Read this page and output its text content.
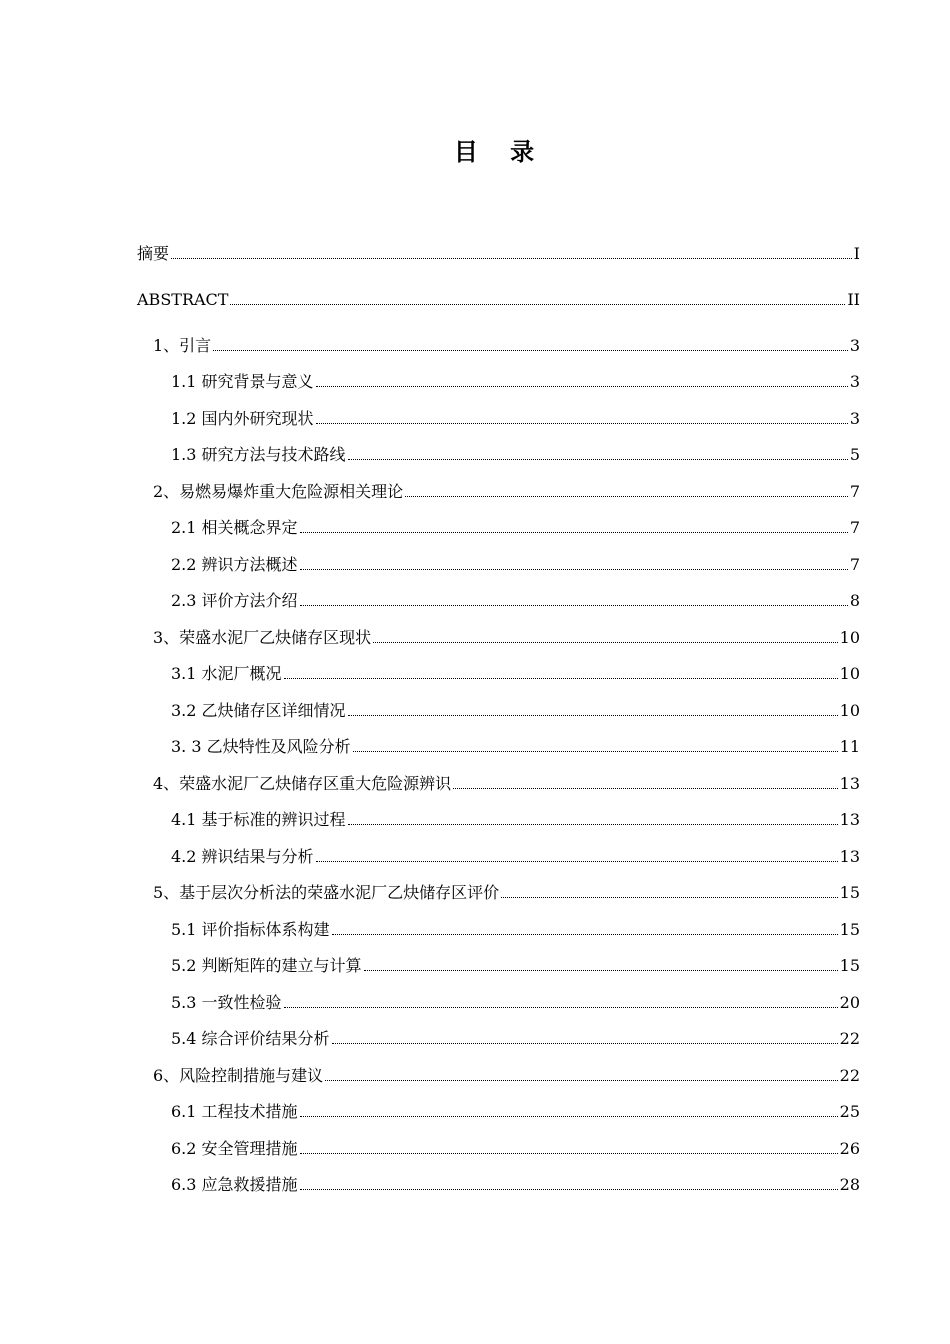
目 录
摘要	I
ABSTRACT	II
1、引言	3
1.1 研究背景与意义	3
1.2 国内外研究现状	3
1.3 研究方法与技术路线	5
2、易燃易爆炸重大危险源相关理论	7
2.1 相关概念界定	7
2.2 辨识方法概述	7
2.3 评价方法介绍	8
3、荣盛水泥厂乙炔储存区现状	10
3.1 水泥厂概况	10
3.2 乙炔储存区详细情况	10
3. 3 乙炔特性及风险分析	11
4、荣盛水泥厂乙炔储存区重大危险源辨识	13
4.1 基于标准的辨识过程	13
4.2 辨识结果与分析	13
5、基于层次分析法的荣盛水泥厂乙炔储存区评价	15
5.1 评价指标体系构建	15
5.2 判断矩阵的建立与计算	15
5.3 一致性检验	20
5.4 综合评价结果分析	22
6、风险控制措施与建议	22
6.1 工程技术措施	25
6.2 安全管理措施	26
6.3 应急救援措施	28
